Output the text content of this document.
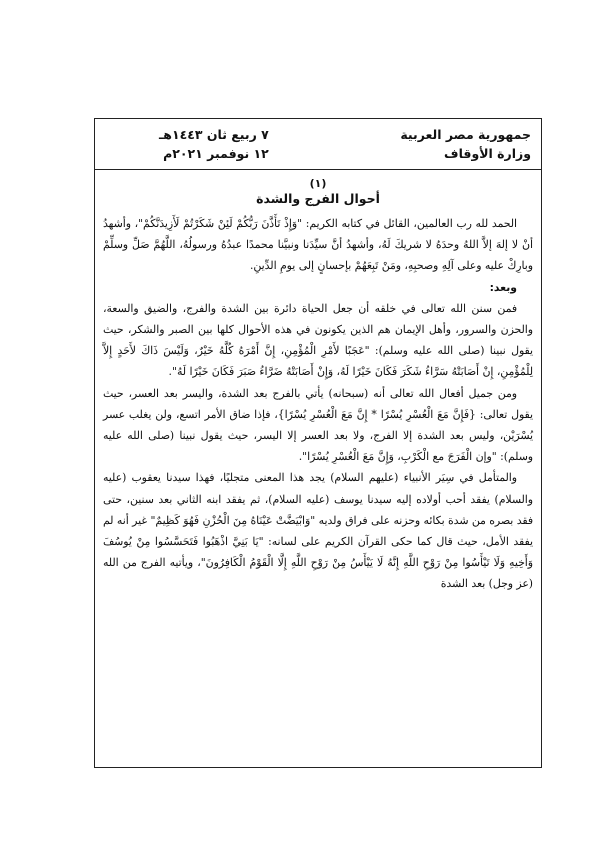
جمهورية مصر العربية
وزارة الأوقاف
٧ ربيع ثان ١٤٤٣هـ
١٢ نوفمبر ٢٠٢١م
(١)
أحوال الفرج والشدة

الحمد لله رب العالمين، القائل في كتابه الكريم: "وَإِذْ تَأَذَّنَ رَبُّكُمْ لَئِنْ شَكَرْتُمْ لَأَزِيدَنَّكُمْ"، وأشهدُ أنْ لا إلهَ إلاَّ اللهُ وحدَهُ لا شريكَ لَهُ، وأشهدُ أنَّ سيِّدَنا ونبيَّنا محمدًا عبدُهُ ورسولُهُ، اللَّهُمَّ صَلِّ وسلِّمْ وبارِكْ عليه وعلى آلِهِ وصحبِهِ، ومَنْ تَبِعَهُمْ بإحسانٍ إلى يومِ الدِّينِ.

وبعد:

فمن سنن الله تعالى في خلقه أن جعل الحياة دائرة بين الشدة والفرج، والضيق والسعة، والحزن والسرور، وأهل الإيمان هم الذين يكونون في هذه الأحوال كلها بين الصبر والشكر، حيث يقول نبينا (صلى الله عليه وسلم): "عَجَبًا لأَمْرِ الْمُؤْمِنِ، إِنَّ أَمْرَهُ كُلَّهُ خَيْرٌ، وَلَيْسَ ذَاكَ لأَحَدٍ إِلاَّ لِلْمُؤْمِنِ، إِنْ أَصَابَتْهُ سَرَّاءُ شَكَرَ فَكَانَ خَيْرًا لَهُ، وَإِنْ أَصَابَتْهُ ضَرَّاءُ صَبَرَ فَكَانَ خَيْرًا لَهُ".

ومن جميل أفعال الله تعالى أنه (سبحانه) يأتي بالفرج بعد الشدة، واليسر بعد العسر، حيث يقول تعالى: {فَإِنَّ مَعَ الْعُسْرِ يُسْرًا * إِنَّ مَعَ الْعُسْرِ يُسْرًا}، فإذا ضاق الأمر اتسع، ولن يغلب عسر يُسْرَيْن، وليس بعد الشدة إلا الفرج، ولا بعد العسر إلا اليسر، حيث يقول نبينا (صلى الله عليه وسلم): "وإن الْفَرَجَ مع الْكَرْبِ، وَإِنَّ مَعَ الْعُسْرِ يُسْرًا".

والمتأمل في سِيَر الأنبياء (عليهم السلام) يجد هذا المعنى متجليًا، فهذا سيدنا يعقوب (عليه والسلام) يفقد أحب أولاده إليه سيدنا يوسف (عليه السلام)، ثم يفقد ابنه الثاني بعد سنين، حتى فقد بصره من شدة بكائه وحزنه على فراق ولديه "وَابْيَضَّتْ عَيْنَاهُ مِنَ الْحُزْنِ فَهُوَ كَظِيمٌ" غير أنه لم يفقد الأمل، حيث قال كما حكى القرآن الكريم على لسانه: "يَا بَنِيَّ اذْهَبُوا فَتَحَسَّسُوا مِنْ يُوسُفَ وَأَخِيهِ وَلَا تَيْأَسُوا مِنْ رَوْحِ اللَّهِ إِنَّهُ لَا يَيْأَسُ مِنْ رَوْحِ اللَّهِ إِلَّا الْقَوْمُ الْكَافِرُونَ"، ويأتيه الفرج من الله (عز وجل) بعد الشدة
